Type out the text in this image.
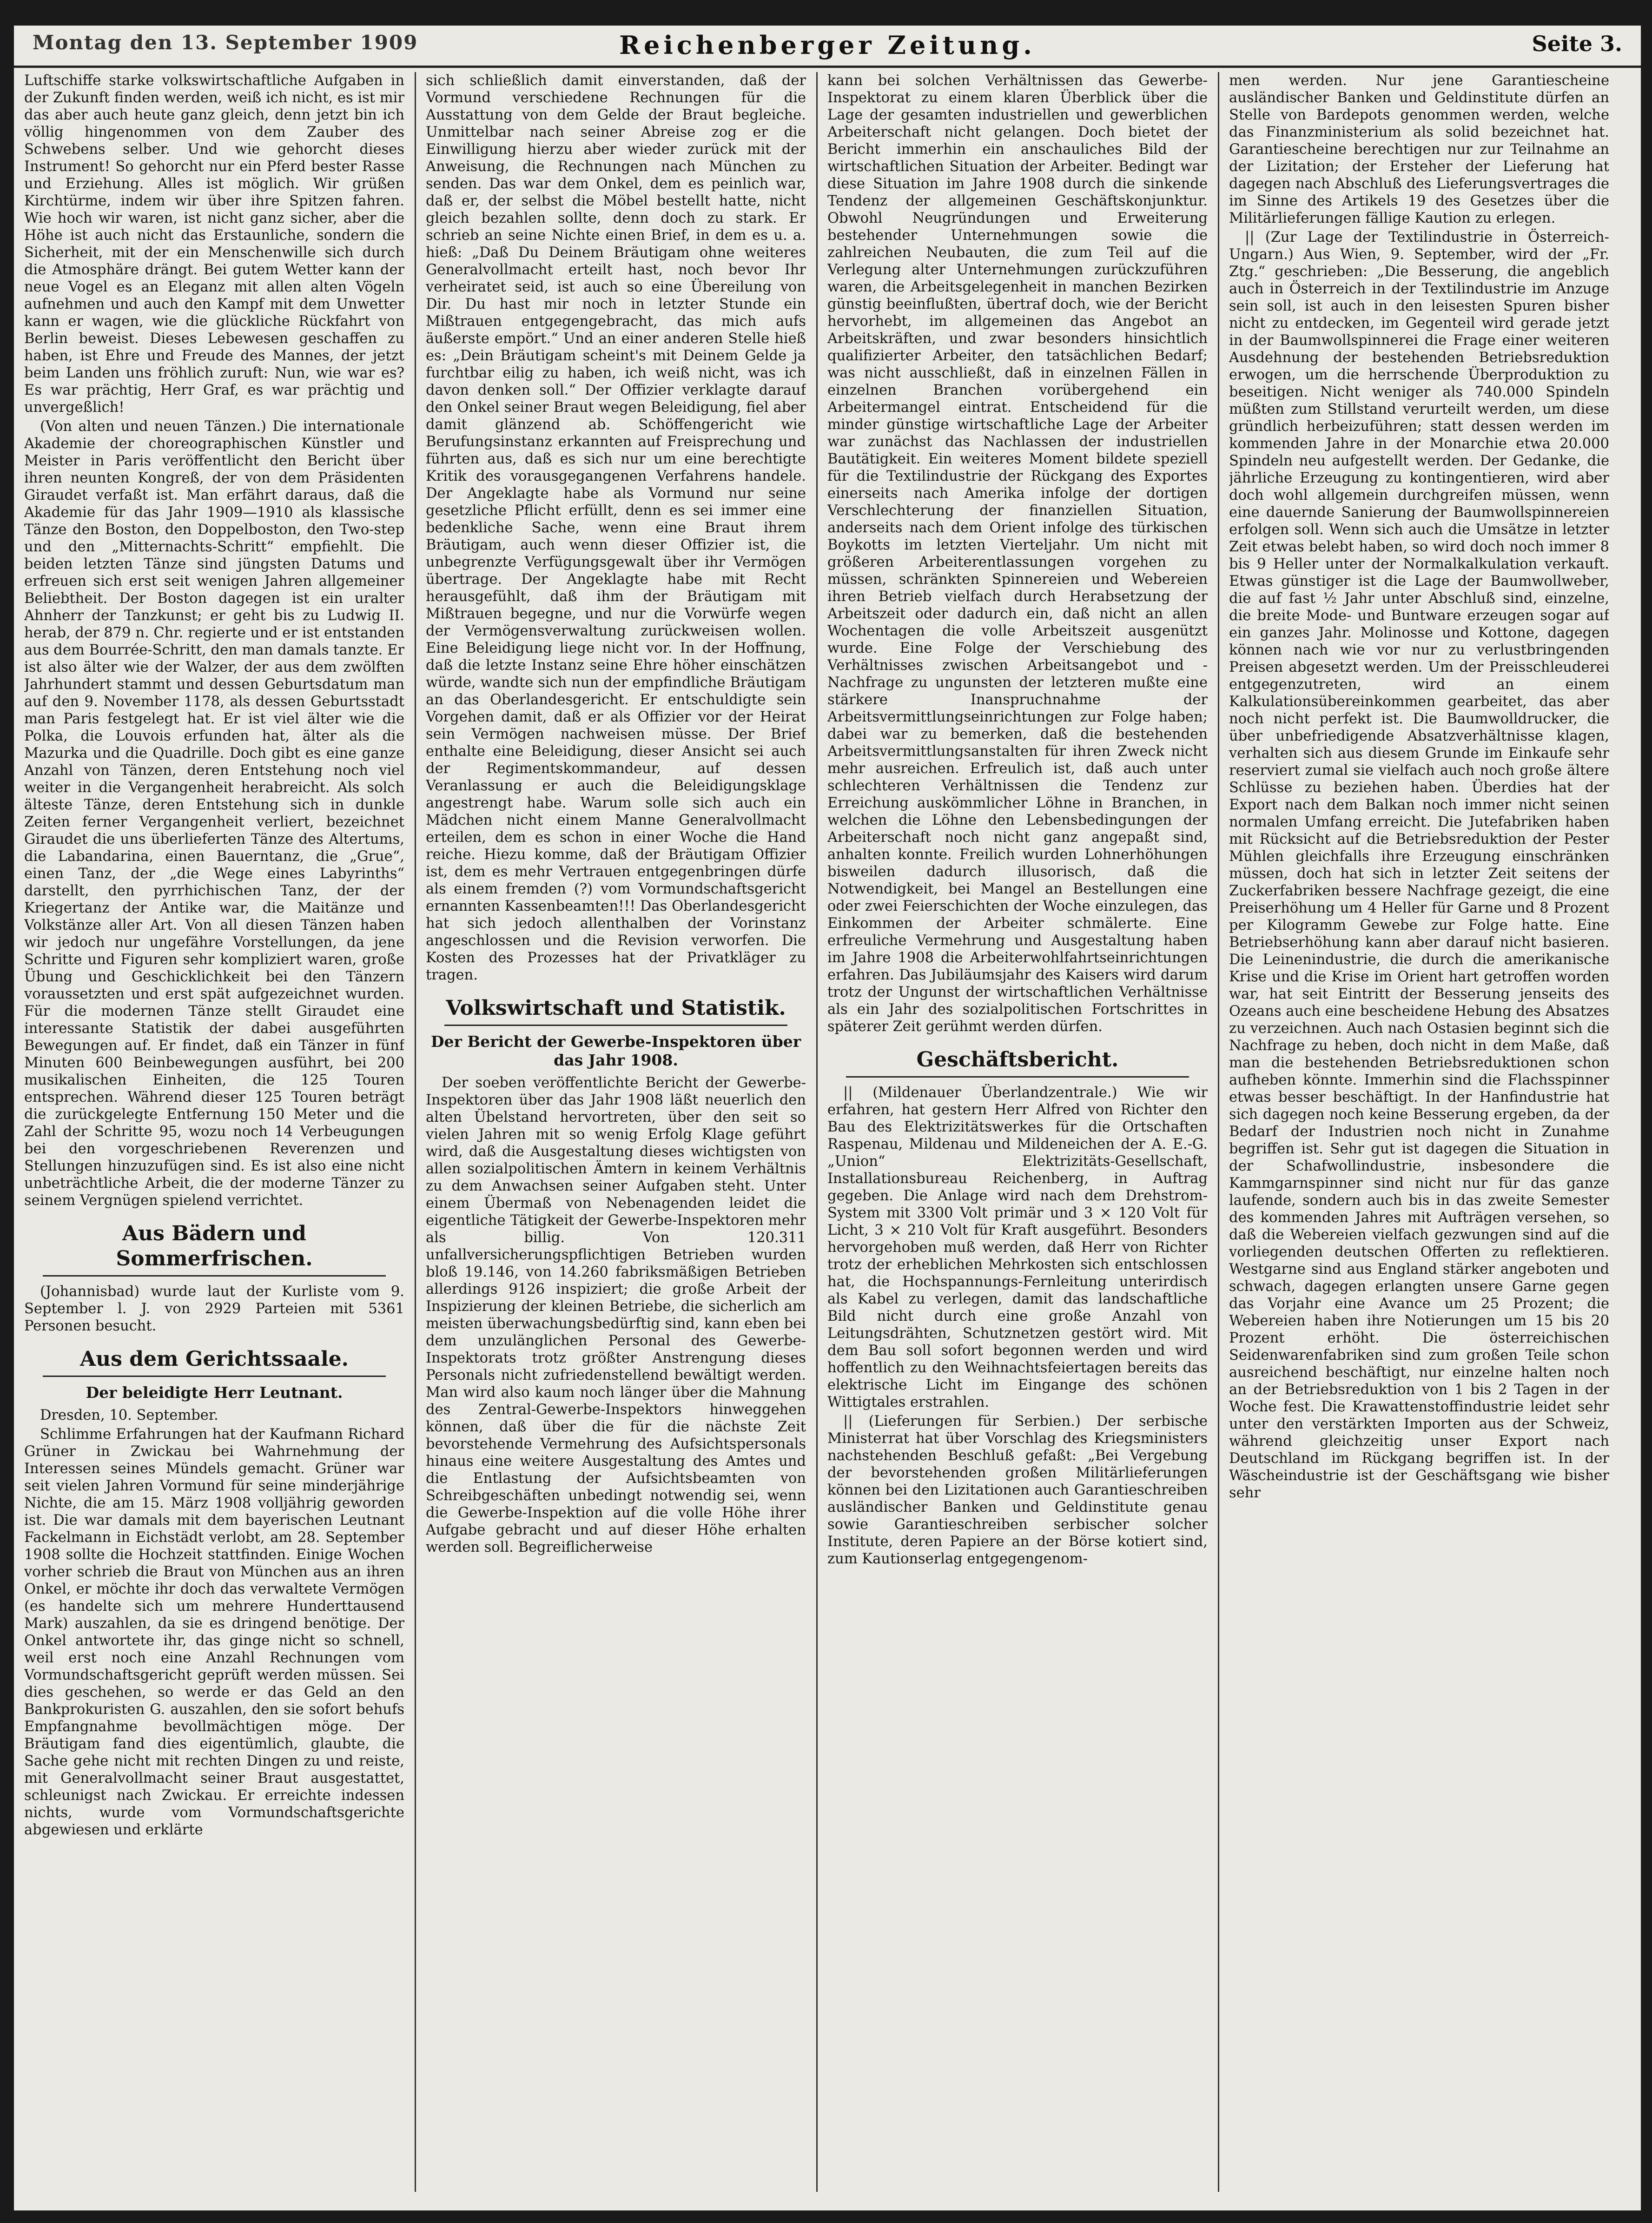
Montag den 13. September 1909	Reichenberger Zeitung.	Seite 3.

Luftschiffe starke volkswirtschaftliche Aufgaben in der Zukunft finden werden, weiß ich nicht, es ist mir das aber auch heute ganz gleich, denn jetzt bin ich völlig hingenommen von dem Zauber des Schwebens selber. Und wie gehorcht dieses Instrument! So gehorcht nur ein Pferd bester Rasse und Erziehung. Alles ist möglich. Wir grüßen Kirchtürme, indem wir über ihre Spitzen fahren. Wie hoch wir waren, ist nicht ganz sicher, aber die Höhe ist auch nicht das Erstaunliche, sondern die Sicherheit, mit der ein Menschenwille sich durch die Atmosphäre drängt. Bei gutem Wetter kann der neue Vogel es an Eleganz mit allen alten Vögeln aufnehmen und auch den Kampf mit dem Unwetter kann er wagen, wie die glückliche Rückfahrt von Berlin beweist. Dieses Lebewesen geschaffen zu haben, ist Ehre und Freude des Mannes, der jetzt beim Landen uns fröhlich zuruft: Nun, wie war es? Es war prächtig, Herr Graf, es war prächtig und unvergeßlich!

(Von alten und neuen Tänzen.) Die internationale Akademie der choreographischen Künstler und Meister in Paris veröffentlicht den Bericht über ihren neunten Kongreß, der von dem Präsidenten Giraudet verfaßt ist. Man erfährt daraus, daß die Akademie für das Jahr 1909—1910 als klassische Tänze den Boston, den Doppelboston, den Two-step und den „Mitternachts-Schritt“ empfiehlt. Die beiden letzten Tänze sind jüngsten Datums und erfreuen sich erst seit wenigen Jahren allgemeiner Beliebtheit. Der Boston dagegen ist ein uralter Ahnherr der Tanzkunst; er geht bis zu Ludwig II. herab, der 879 n. Chr. regierte und er ist entstanden aus dem Bourrée-Schritt, den man damals tanzte. Er ist also älter wie der Walzer, der aus dem zwölften Jahrhundert stammt und dessen Geburtsdatum man auf den 9. November 1178, als dessen Geburtsstadt man Paris festgelegt hat. Er ist viel älter wie die Polka, die Louvois erfunden hat, älter als die Mazurka und die Quadrille. Doch gibt es eine ganze Anzahl von Tänzen, deren Entstehung noch viel weiter in die Vergangenheit herabreicht. Als solch älteste Tänze, deren Entstehung sich in dunkle Zeiten ferner Vergangenheit verliert, bezeichnet Giraudet die uns überlieferten Tänze des Altertums, die Labandarina, einen Bauerntanz, die „Grue“, einen Tanz, der „die Wege eines Labyrinths“ darstellt, den pyrrhichischen Tanz, der der Kriegertanz der Antike war, die Maitänze und Volkstänze aller Art. Von all diesen Tänzen haben wir jedoch nur ungefähre Vorstellungen, da jene Schritte und Figuren sehr kompliziert waren, große Übung und Geschicklichkeit bei den Tänzern voraussetzten und erst spät aufgezeichnet wurden. Für die modernen Tänze stellt Giraudet eine interessante Statistik der dabei ausgeführten Bewegungen auf. Er findet, daß ein Tänzer in fünf Minuten 600 Beinbewegungen ausführt, bei 200 musikalischen Einheiten, die 125 Touren entsprechen. Während dieser 125 Touren beträgt die zurückgelegte Entfernung 150 Meter und die Zahl der Schritte 95, wozu noch 14 Verbeugungen bei den vorgeschriebenen Reverenzen und Stellungen hinzuzufügen sind. Es ist also eine nicht unbeträchtliche Arbeit, die der moderne Tänzer zu seinem Vergnügen spielend verrichtet.

Aus Bädern und Sommerfrischen.

(Johannisbad) wurde laut der Kurliste vom 9. September l. J. von 2929 Parteien mit 5361 Personen besucht.

Aus dem Gerichtssaale.
Der beleidigte Herr Leutnant.

Dresden, 10. September.

Schlimme Erfahrungen hat der Kaufmann Richard Grüner in Zwickau bei Wahrnehmung der Interessen seines Mündels gemacht. Grüner war seit vielen Jahren Vormund für seine minderjährige Nichte, die am 15. März 1908 volljährig geworden ist. Die war damals mit dem bayerischen Leutnant Fackelmann in Eichstädt verlobt, am 28. September 1908 sollte die Hochzeit stattfinden. Einige Wochen vorher schrieb die Braut von München aus an ihren Onkel, er möchte ihr doch das verwaltete Vermögen (es handelte sich um mehrere Hunderttausend Mark) auszahlen, da sie es dringend benötige. Der Onkel antwortete ihr, das ginge nicht so schnell, weil erst noch eine Anzahl Rechnungen vom Vormundschaftsgericht geprüft werden müssen. Sei dies geschehen, so werde er das Geld an den Bankprokuristen G. auszahlen, den sie sofort behufs Empfangnahme bevollmächtigen möge. Der Bräutigam fand dies eigentümlich, glaubte, die Sache gehe nicht mit rechten Dingen zu und reiste, mit Generalvollmacht seiner Braut ausgestattet, schleunigst nach Zwickau. Er erreichte indessen nichts, wurde vom Vormundschaftsgerichte abgewiesen und erklärte

sich schließlich damit einverstanden, daß der Vormund verschiedene Rechnungen für die Ausstattung von dem Gelde der Braut begleiche. Unmittelbar nach seiner Abreise zog er die Einwilligung hierzu aber wieder zurück mit der Anweisung, die Rechnungen nach München zu senden. Das war dem Onkel, dem es peinlich war, daß er, der selbst die Möbel bestellt hatte, nicht gleich bezahlen sollte, denn doch zu stark. Er schrieb an seine Nichte einen Brief, in dem es u. a. hieß: „Daß Du Deinem Bräutigam ohne weiteres Generalvollmacht erteilt hast, noch bevor Ihr verheiratet seid, ist auch so eine Übereilung von Dir. Du hast mir noch in letzter Stunde ein Mißtrauen entgegengebracht, das mich aufs äußerste empört.“ Und an einer anderen Stelle hieß es: „Dein Bräutigam scheint's mit Deinem Gelde ja furchtbar eilig zu haben, ich weiß nicht, was ich davon denken soll.“ Der Offizier verklagte darauf den Onkel seiner Braut wegen Beleidigung, fiel aber damit glänzend ab. Schöffengericht wie Berufungsinstanz erkannten auf Freisprechung und führten aus, daß es sich nur um eine berechtigte Kritik des vorausgegangenen Verfahrens handele. Der Angeklagte habe als Vormund nur seine gesetzliche Pflicht erfüllt, denn es sei immer eine bedenkliche Sache, wenn eine Braut ihrem Bräutigam, auch wenn dieser Offizier ist, die unbegrenzte Verfügungsgewalt über ihr Vermögen übertrage. Der Angeklagte habe mit Recht herausgefühlt, daß ihm der Bräutigam mit Mißtrauen begegne, und nur die Vorwürfe wegen der Vermögensverwaltung zurückweisen wollen. Eine Beleidigung liege nicht vor. In der Hoffnung, daß die letzte Instanz seine Ehre höher einschätzen würde, wandte sich nun der empfindliche Bräutigam an das Oberlandesgericht. Er entschuldigte sein Vorgehen damit, daß er als Offizier vor der Heirat sein Vermögen nachweisen müsse. Der Brief enthalte eine Beleidigung, dieser Ansicht sei auch der Regimentskommandeur, auf dessen Veranlassung er auch die Beleidigungsklage angestrengt habe. Warum solle sich auch ein Mädchen nicht einem Manne Generalvollmacht erteilen, dem es schon in einer Woche die Hand reiche. Hiezu komme, daß der Bräutigam Offizier ist, dem es mehr Vertrauen entgegenbringen dürfe als einem fremden (?) vom Vormundschaftsgericht ernannten Kassenbeamten!!! Das Oberlandesgericht hat sich jedoch allenthalben der Vorinstanz angeschlossen und die Revision verworfen. Die Kosten des Prozesses hat der Privatkläger zu tragen.

Volkswirtschaft und Statistik.
Der Bericht der Gewerbe-Inspektoren über das Jahr 1908.

Der soeben veröffentlichte Bericht der Gewerbe-Inspektoren über das Jahr 1908 läßt neuerlich den alten Übelstand hervortreten, über den seit so vielen Jahren mit so wenig Erfolg Klage geführt wird, daß die Ausgestaltung dieses wichtigsten von allen sozialpolitischen Ämtern in keinem Verhältnis zu dem Anwachsen seiner Aufgaben steht. Unter einem Übermaß von Nebenagenden leidet die eigentliche Tätigkeit der Gewerbe-Inspektoren mehr als billig. Von 120.311 unfallversicherungspflichtigen Betrieben wurden bloß 19.146, von 14.260 fabriksmäßigen Betrieben allerdings 9126 inspiziert; die große Arbeit der Inspizierung der kleinen Betriebe, die sicherlich am meisten überwachungsbedürftig sind, kann eben bei dem unzulänglichen Personal des Gewerbe-Inspektorats trotz größter Anstrengung dieses Personals nicht zufriedenstellend bewältigt werden. Man wird also kaum noch länger über die Mahnung des Zentral-Gewerbe-Inspektors hinweggehen können, daß über die für die nächste Zeit bevorstehende Vermehrung des Aufsichtspersonals hinaus eine weitere Ausgestaltung des Amtes und die Entlastung der Aufsichtsbeamten von Schreibgeschäften unbedingt notwendig sei, wenn die Gewerbe-Inspektion auf die volle Höhe ihrer Aufgabe gebracht und auf dieser Höhe erhalten werden soll. Begreiflicherweise

kann bei solchen Verhältnissen das Gewerbe-Inspektorat zu einem klaren Überblick über die Lage der gesamten industriellen und gewerblichen Arbeiterschaft nicht gelangen. Doch bietet der Bericht immerhin ein anschauliches Bild der wirtschaftlichen Situation der Arbeiter. Bedingt war diese Situation im Jahre 1908 durch die sinkende Tendenz der allgemeinen Geschäftskonjunktur. Obwohl Neugründungen und Erweiterung bestehender Unternehmungen sowie die zahlreichen Neubauten, die zum Teil auf die Verlegung alter Unternehmungen zurückzuführen waren, die Arbeitsgelegenheit in manchen Bezirken günstig beeinflußten, übertraf doch, wie der Bericht hervorhebt, im allgemeinen das Angebot an Arbeitskräften, und zwar besonders hinsichtlich qualifizierter Arbeiter, den tatsächlichen Bedarf; was nicht ausschließt, daß in einzelnen Fällen in einzelnen Branchen vorübergehend ein Arbeitermangel eintrat. Entscheidend für die minder günstige wirtschaftliche Lage der Arbeiter war zunächst das Nachlassen der industriellen Bautätigkeit. Ein weiteres Moment bildete speziell für die Textilindustrie der Rückgang des Exportes einerseits nach Amerika infolge der dortigen Verschlechterung der finanziellen Situation, anderseits nach dem Orient infolge des türkischen Boykotts im letzten Vierteljahr. Um nicht mit größeren Arbeiterentlassungen vorgehen zu müssen, schränkten Spinnereien und Webereien ihren Betrieb vielfach durch Herabsetzung der Arbeitszeit oder dadurch ein, daß nicht an allen Wochentagen die volle Arbeitszeit ausgenützt wurde. Eine Folge der Verschiebung des Verhältnisses zwischen Arbeitsangebot und -Nachfrage zu ungunsten der letzteren mußte eine stärkere Inanspruchnahme der Arbeitsvermittlungseinrichtungen zur Folge haben; dabei war zu bemerken, daß die bestehenden Arbeitsvermittlungsanstalten für ihren Zweck nicht mehr ausreichen. Erfreulich ist, daß auch unter schlechteren Verhältnissen die Tendenz zur Erreichung auskömmlicher Löhne in Branchen, in welchen die Löhne den Lebensbedingungen der Arbeiterschaft noch nicht ganz angepaßt sind, anhalten konnte. Freilich wurden Lohnerhöhungen bisweilen dadurch illusorisch, daß die Notwendigkeit, bei Mangel an Bestellungen eine oder zwei Feierschichten der Woche einzulegen, das Einkommen der Arbeiter schmälerte. Eine erfreuliche Vermehrung und Ausgestaltung haben im Jahre 1908 die Arbeiterwohlfahrtseinrichtungen erfahren. Das Jubiläumsjahr des Kaisers wird darum trotz der Ungunst der wirtschaftlichen Verhältnisse als ein Jahr des sozialpolitischen Fortschrittes in späterer Zeit gerühmt werden dürfen.

Geschäftsbericht.

|| (Mildenauer Überlandzentrale.) Wie wir erfahren, hat gestern Herr Alfred von Richter den Bau des Elektrizitätswerkes für die Ortschaften Raspenau, Mildenau und Mildeneichen der A. E.-G. „Union“ Elektrizitäts-Gesellschaft, Installationsbureau Reichenberg, in Auftrag gegeben. Die Anlage wird nach dem Drehstrom-System mit 3300 Volt primär und 3 × 120 Volt für Licht, 3 × 210 Volt für Kraft ausgeführt. Besonders hervorgehoben muß werden, daß Herr von Richter trotz der erheblichen Mehrkosten sich entschlossen hat, die Hochspannungs-Fernleitung unterirdisch als Kabel zu verlegen, damit das landschaftliche Bild nicht durch eine große Anzahl von Leitungsdrähten, Schutznetzen gestört wird. Mit dem Bau soll sofort begonnen werden und wird hoffentlich zu den Weihnachtsfeiertagen bereits das elektrische Licht im Eingange des schönen Wittigtales erstrahlen.

|| (Lieferungen für Serbien.) Der serbische Ministerrat hat über Vorschlag des Kriegsministers nachstehenden Beschluß gefaßt: „Bei Vergebung der bevorstehenden großen Militärlieferungen können bei den Lizitationen auch Garantieschreiben ausländischer Banken und Geldinstitute genau sowie Garantieschreiben serbischer solcher Institute, deren Papiere an der Börse kotiert sind, zum Kautionserlag entgegengenom-

men werden. Nur jene Garantiescheine ausländischer Banken und Geldinstitute dürfen an Stelle von Bardepots genommen werden, welche das Finanzministerium als solid bezeichnet hat. Garantiescheine berechtigen nur zur Teilnahme an der Lizitation; der Ersteher der Lieferung hat dagegen nach Abschluß des Lieferungsvertrages die im Sinne des Artikels 19 des Gesetzes über die Militärlieferungen fällige Kaution zu erlegen.

|| (Zur Lage der Textilindustrie in Österreich-Ungarn.) Aus Wien, 9. September, wird der „Fr. Ztg.“ geschrieben: „Die Besserung, die angeblich auch in Österreich in der Textilindustrie im Anzuge sein soll, ist auch in den leisesten Spuren bisher nicht zu entdecken, im Gegenteil wird gerade jetzt in der Baumwollspinnerei die Frage einer weiteren Ausdehnung der bestehenden Betriebsreduktion erwogen, um die herrschende Überproduktion zu beseitigen. Nicht weniger als 740.000 Spindeln müßten zum Stillstand verurteilt werden, um diese gründlich herbeizuführen; statt dessen werden im kommenden Jahre in der Monarchie etwa 20.000 Spindeln neu aufgestellt werden. Der Gedanke, die jährliche Erzeugung zu kontingentieren, wird aber doch wohl allgemein durchgreifen müssen, wenn eine dauernde Sanierung der Baumwollspinnereien erfolgen soll. Wenn sich auch die Umsätze in letzter Zeit etwas belebt haben, so wird doch noch immer 8 bis 9 Heller unter der Normalkalkulation verkauft. Etwas günstiger ist die Lage der Baumwollweber, die auf fast ½ Jahr unter Abschluß sind, einzelne, die breite Mode- und Buntware erzeugen sogar auf ein ganzes Jahr. Molinosse und Kottone, dagegen können nach wie vor nur zu verlustbringenden Preisen abgesetzt werden. Um der Preisschleuderei entgegenzutreten, wird an einem Kalkulationsübereinkommen gearbeitet, das aber noch nicht perfekt ist. Die Baumwolldrucker, die über unbefriedigende Absatzverhältnisse klagen, verhalten sich aus diesem Grunde im Einkaufe sehr reserviert zumal sie vielfach auch noch große ältere Schlüsse zu beziehen haben. Überdies hat der Export nach dem Balkan noch immer nicht seinen normalen Umfang erreicht. Die Jutefabriken haben mit Rücksicht auf die Betriebsreduktion der Pester Mühlen gleichfalls ihre Erzeugung einschränken müssen, doch hat sich in letzter Zeit seitens der Zuckerfabriken bessere Nachfrage gezeigt, die eine Preiserhöhung um 4 Heller für Garne und 8 Prozent per Kilogramm Gewebe zur Folge hatte. Eine Betriebserhöhung kann aber darauf nicht basieren. Die Leinenindustrie, die durch die amerikanische Krise und die Krise im Orient hart getroffen worden war, hat seit Eintritt der Besserung jenseits des Ozeans auch eine bescheidene Hebung des Absatzes zu verzeichnen. Auch nach Ostasien beginnt sich die Nachfrage zu heben, doch nicht in dem Maße, daß man die bestehenden Betriebsreduktionen schon aufheben könnte. Immerhin sind die Flachsspinner etwas besser beschäftigt. In der Hanfindustrie hat sich dagegen noch keine Besserung ergeben, da der Bedarf der Industrien noch nicht in Zunahme begriffen ist. Sehr gut ist dagegen die Situation in der Schafwollindustrie, insbesondere die Kammgarnspinner sind nicht nur für das ganze laufende, sondern auch bis in das zweite Semester des kommenden Jahres mit Aufträgen versehen, so daß die Webereien vielfach gezwungen sind auf die vorliegenden deutschen Offerten zu reflektieren. Westgarne sind aus England stärker angeboten und schwach, dagegen erlangten unsere Garne gegen das Vorjahr eine Avance um 25 Prozent; die Webereien haben ihre Notierungen um 15 bis 20 Prozent erhöht. Die österreichischen Seidenwarenfabriken sind zum großen Teile schon ausreichend beschäftigt, nur einzelne halten noch an der Betriebsreduktion von 1 bis 2 Tagen in der Woche fest. Die Krawattenstoffindustrie leidet sehr unter den verstärkten Importen aus der Schweiz, während gleichzeitig unser Export nach Deutschland im Rückgang begriffen ist. In der Wäscheindustrie ist der Geschäftsgang wie bisher sehr
